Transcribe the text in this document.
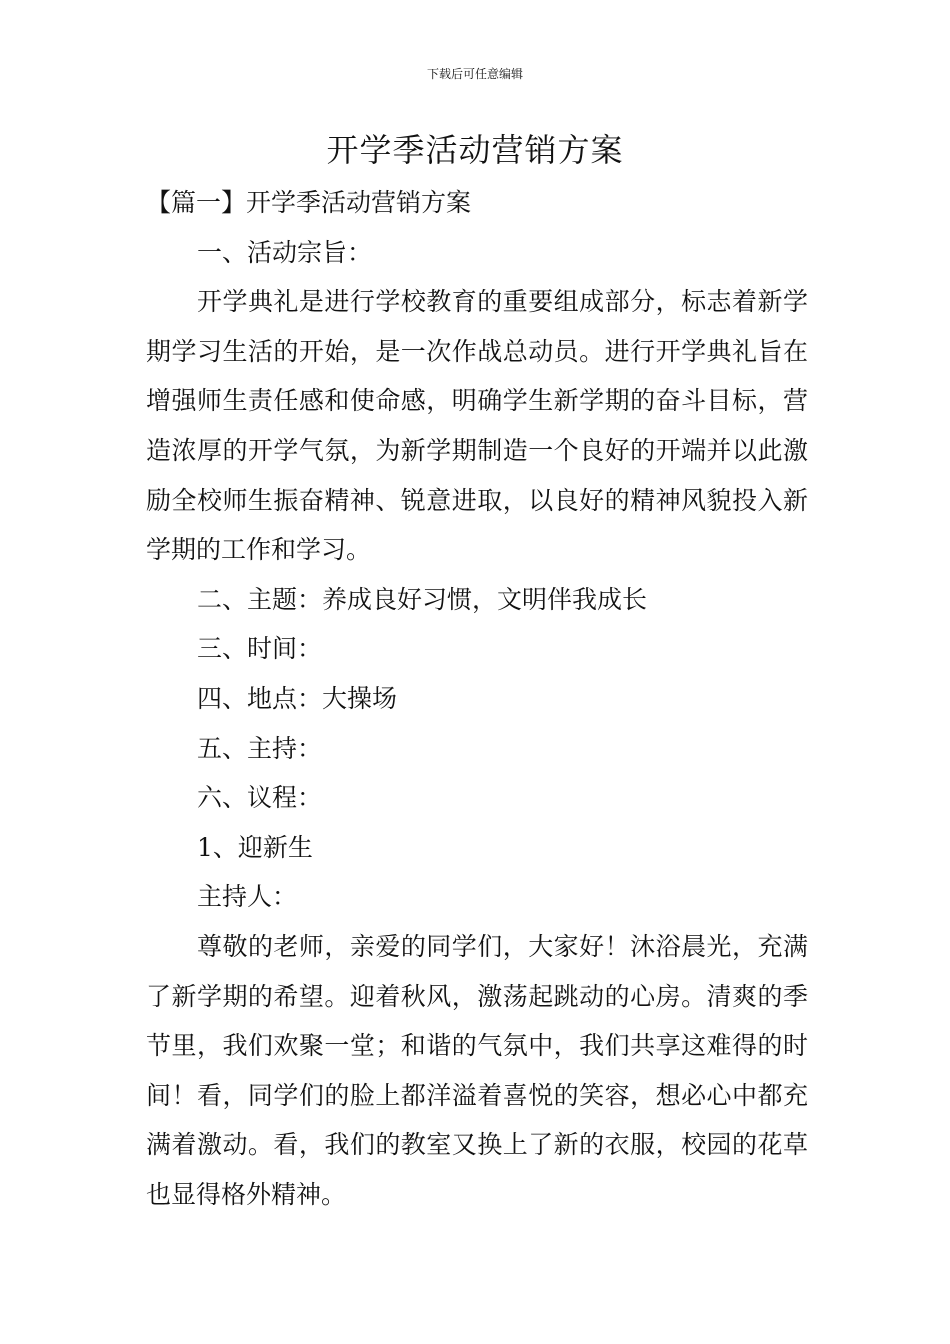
下载后可任意编辑
开学季活动营销方案

【篇一】开学季活动营销方案

一、活动宗旨：

开学典礼是进行学校教育的重要组成部分，标志着新学期学习生活的开始，是一次作战总动员。进行开学典礼旨在增强师生责任感和使命感，明确学生新学期的奋斗目标，营造浓厚的开学气氛，为新学期制造一个良好的开端并以此激励全校师生振奋精神、锐意进取，以良好的精神风貌投入新学期的工作和学习。

二、主题：养成良好习惯，文明伴我成长

三、时间：

四、地点：大操场

五、主持：

六、议程：

1、迎新生

主持人：

尊敬的老师，亲爱的同学们，大家好！沐浴晨光，充满了新学期的希望。迎着秋风，激荡起跳动的心房。清爽的季节里，我们欢聚一堂；和谐的气氛中，我们共享这难得的时间！看，同学们的脸上都洋溢着喜悦的笑容，想必心中都充满着激动。看，我们的教室又换上了新的衣服，校园的花草也显得格外精神。
